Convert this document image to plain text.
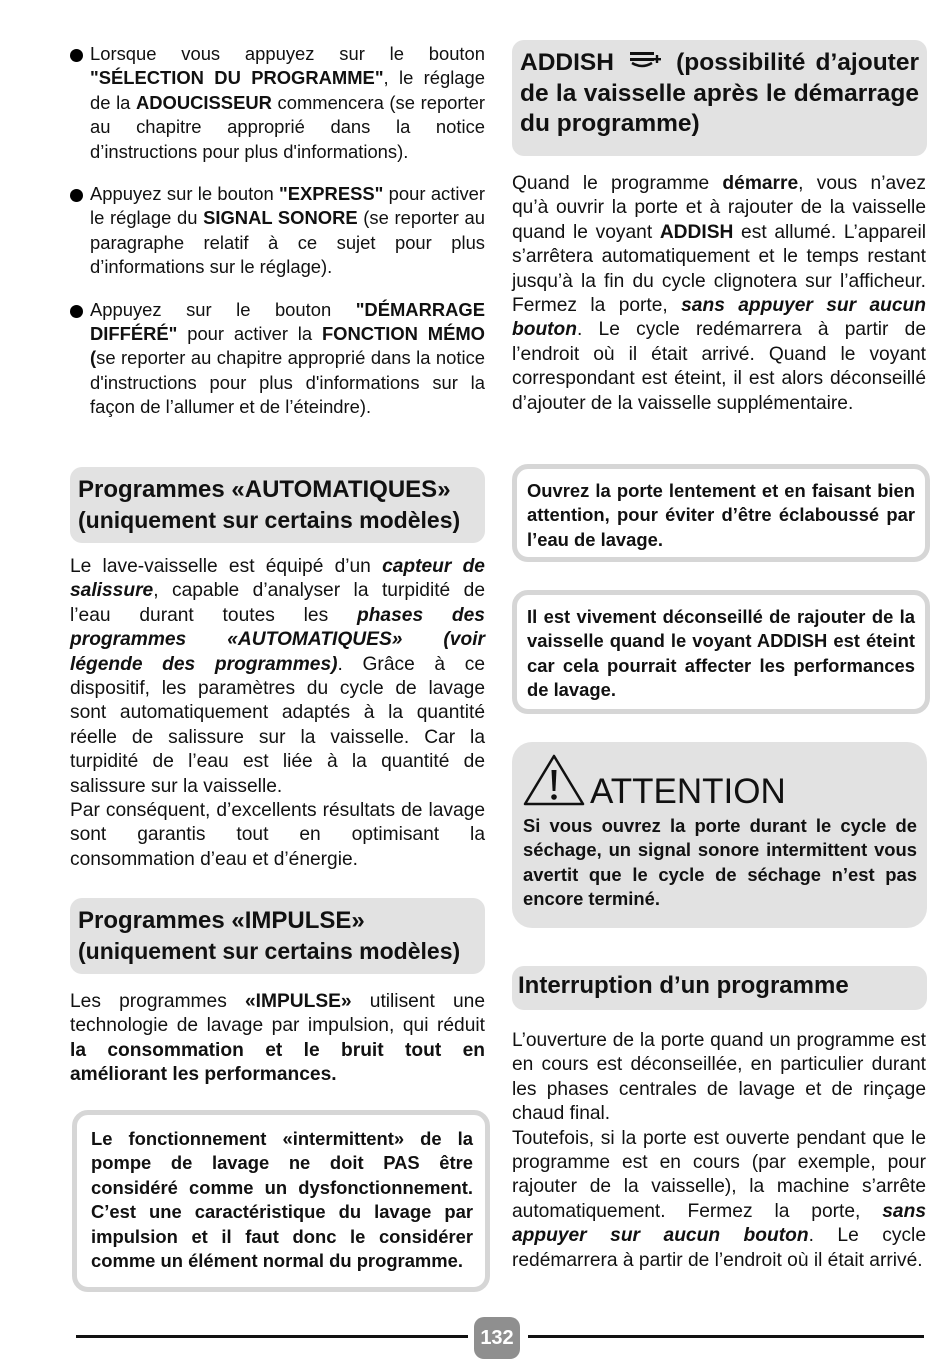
Lorsque vous appuyez sur le bouton "SÉLECTION DU PROGRAMME", le réglage de la ADOUCISSEUR commencera (se reporter au chapitre approprié dans la notice d’instructions pour plus d'informations).

Appuyez sur le bouton "EXPRESS" pour activer le réglage du SIGNAL SONORE (se reporter au paragraphe relatif à ce sujet pour plus d’informations sur le réglage).

Appuyez sur le bouton "DÉMARRAGE DIFFÉRÉ" pour activer la FONCTION MÉMO (se reporter au chapitre approprié dans la notice d'instructions pour plus d'informations sur la façon de l’allumer et de l’éteindre).

Programmes «AUTOMATIQUES»

(uniquement sur certains modèles)

Le lave-vaisselle est équipé d’un capteur de salissure, capable d’analyser la turpidité de l’eau durant toutes les phases des programmes «AUTOMATIQUES» (voir légende des programmes). Grâce à ce dispositif, les paramètres du cycle de lavage sont automatiquement adaptés à la quantité réelle de salissure sur la vaisselle. Car la turpidité de l’eau est liée à la quantité de salissure sur la vaisselle.

Par conséquent, d’excellents résultats de lavage sont garantis tout en optimisant la consommation d’eau et d’énergie.

Programmes «IMPULSE»

(uniquement sur certains modèles)

Les programmes «IMPULSE» utilisent une technologie de lavage par impulsion, qui réduit la consommation et le bruit tout en améliorant les performances.

Le fonctionnement «intermittent» de la pompe de lavage ne doit PAS être considéré comme un dysfonctionnement. C’est une caractéristique du lavage par impulsion et il faut donc le considérer comme un élément normal du programme.

ADDISH	(possibilité d’ajouter de la vaisselle après le démarrage du programme)

Quand le programme démarre, vous n’avez qu’à ouvrir la porte et à rajouter de la vaisselle quand le voyant ADDISH est allumé. L’appareil s’arrêtera automatiquement et le temps restant jusqu’à la fin du cycle clignotera sur l’afficheur. Fermez la porte, sans appuyer sur aucun bouton. Le cycle redémarrera à partir de l’endroit où il était arrivé. Quand le voyant correspondant est éteint, il est alors déconseillé d’ajouter de la vaisselle supplémentaire.

Ouvrez la porte lentement et en faisant bien attention, pour éviter d’être éclaboussé par l’eau de lavage.

Il est vivement déconseillé de rajouter de la vaisselle quand le voyant ADDISH est éteint car cela pourrait affecter les performances de lavage.

ATTENTION

Si vous ouvrez la porte durant le cycle de séchage, un signal sonore intermittent vous avertit que le cycle de séchage n’est pas encore terminé.

Interruption d’un programme

L’ouverture de la porte quand un programme est en cours est déconseillée, en particulier durant les phases centrales de lavage et de rinçage chaud final.

Toutefois, si la porte est ouverte pendant que le programme est en cours (par exemple, pour rajouter de la vaisselle), la machine s’arrête automatiquement. Fermez la porte, sans appuyer sur aucun bouton. Le cycle redémarrera à partir de l’endroit où il était arrivé.

132
